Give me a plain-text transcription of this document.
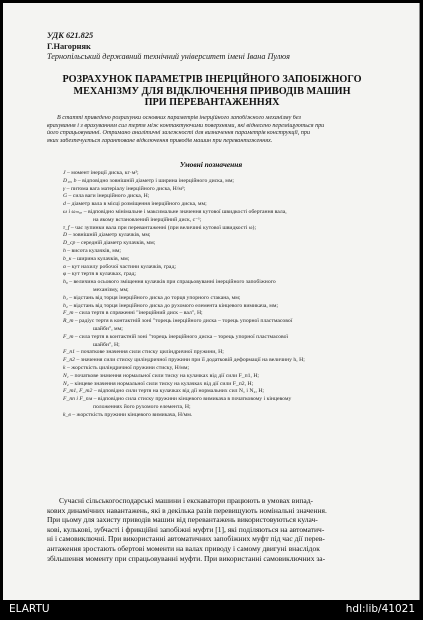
УДК 621.825
Г.Нагорняк
Тернопільський державний технічний університет імені Івана Пулюя
РОЗРАХУНОК ПАРАМЕТРІВ ІНЕРЦІЙНОГО ЗАПОБІЖНОГО
МЕХАНІЗМУ ДЛЯ ВІДКЛЮЧЕННЯ ПРИВОДІВ МАШИН
ПРИ ПЕРЕВАНТАЖЕННЯХ
В статті приведено розрахунки основних параметрів інерційного запобіжного механізму без
врахування і з врахуванням сил тертя між контактуючими поверхнями, які віднесено переміщуються при
його спрацьовуванні. Отримано аналітичні залежності для визначення параметрів конструкції, при
яких забезпечується гарантоване відключення приводів машин при перевантаженнях.
Умовні позначення
J – момент інерції диска, кг·м²;
D₁ₐ, b – відповідно зовнішній діаметр і ширина інерційного диска, мм;
γ – питома вага матеріалу інерційного диска, Н/м³;
G – сила ваги інерційного диска, Н;
d – діаметр вала в місці розміщення інерційного диска, мм;
ω і ωₘₐₓ – відповідно мінімальне і максимальне значення кутової швидкості обертання вала,
на якому встановлений інерційний диск, с⁻¹;
τ_f – час зупинки вала при перевантаженні (при величині кутової швидкості ω);
D – зовнішній діаметр кулачків, мм;
D_cp – середній діаметр кулачків, мм;
h – висота кулачків, мм;
b_к – ширина кулачків, мм;
α – кут нахилу робочої частини кулачків, град;
φ – кут тертя в кулачках, град;
h₀ – величина осьового зміщення кулачків при спрацьовуванні інерційного запобіжного
механізму, мм;
h₁ – відстань від торця інерційного диска до торця упорного стакана, мм;
h₂ – відстань від торця інерційного диска до рухомого елемента кінцевого вимикача, мм;
F_т – сила тертя в спряженні "інерційний диск – вал", Н;
R_т – радіус тертя в контактній зоні "торець інерційного диска – торець упорної пластмасової
шайби", мм;
F_т – сила тертя в контактній зоні "торець інерційного диска – торець упорної пластмасової
шайби", Н;
F_п1 – початкове значення сили стиску циліндричної пружини, Н;
F_п2 – значення сили стиску циліндричної пружини при її додатковій деформації на величину h, Н;
k – жорсткість циліндричної пружини стиску, Н/мм;
N₁ – початкове значення нормальної сили тиску на кулачках від дії сили F_п1, Н;
N₂ – кінцеве значення нормальної сили тиску на кулачках від дії сили F_п2, Н;
F_т1, F_т2 – відповідно сили тертя на кулачках від дії нормальних сил N₁ і N₂, Н;
F_пп і F_пм – відповідно сила стиску пружини кінцевого вимикача в початковому і кінцевому
положеннях його рухомого елемента, Н;
k_в – жорсткість пружини кінцевого вимикача, Н/мм.
Сучасні сільськогосподарські машини і екскаватори працюють в умовах випад-
кових динамічних навантажень, які в декілька разів перевищують номінальні значення.
При цьому для захисту приводів машин від перевантажень використовуються кулач-
кові, кулькові, зубчасті і фрикційні запобіжні муфти [1], які поділяються на автоматич-
ні і самовиключні. При використанні автоматичних запобіжних муфт під час дії перев-
антаження зростають обертові моменти на валах приводу і самому двигуні внаслідок
збільшення моменту при спрацьовуванні муфти. При використанні самовиключних за-
ELARTU	hdl:lib/41021
